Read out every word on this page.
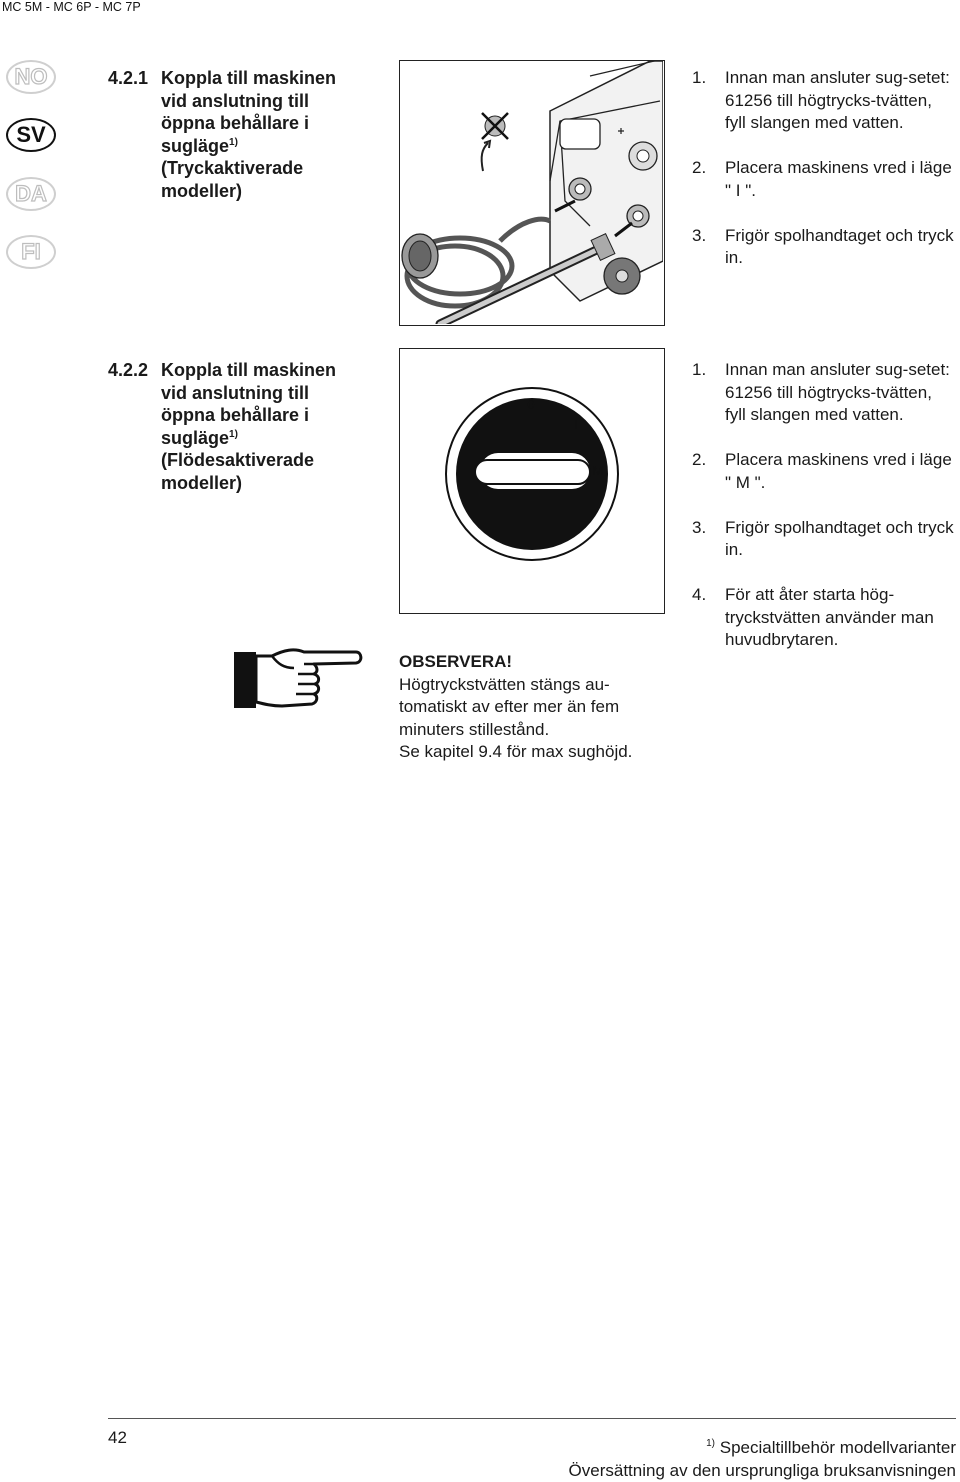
MC 5M - MC 6P - MC 7P
NO
SV
DA
FI
4.2.1 Koppla till maskinen
vid anslutning till
öppna behållare i
sugläge$^{1)}$
(Tryckaktiverade
modeller)
1. Innan man ansluter sug-setet: 61256 till högtrycks-tvätten, fyll slangen med vatten.
2. Placera maskinens vred i läge " I ".
3. Frigör spolhandtaget och tryck in.
4.2.2 Koppla till maskinen
vid anslutning till
öppna behållare i
sugläge$^{1)}$
(Flödesaktiverade
modeller)
0
I
M
1. Innan man ansluter sug-setet: 61256 till högtrycks-tvätten, fyll slangen med vatten.
2. Placera maskinens vred i läge " M ".
3. Frigör spolhandtaget och tryck in.
4. För att åter starta hög-tryckstvätten använder man huvudbrytaren.
OBSERVERA!
Högtryckstvätten stängs au-
tomatiskt av efter mer än fem
minuters stillestånd.
Se kapitel 9.4 för max sughöjd.
42	$^{1)}$ Specialtillbehör modellvarianter
Översättning av den ursprungliga bruksanvisningen
